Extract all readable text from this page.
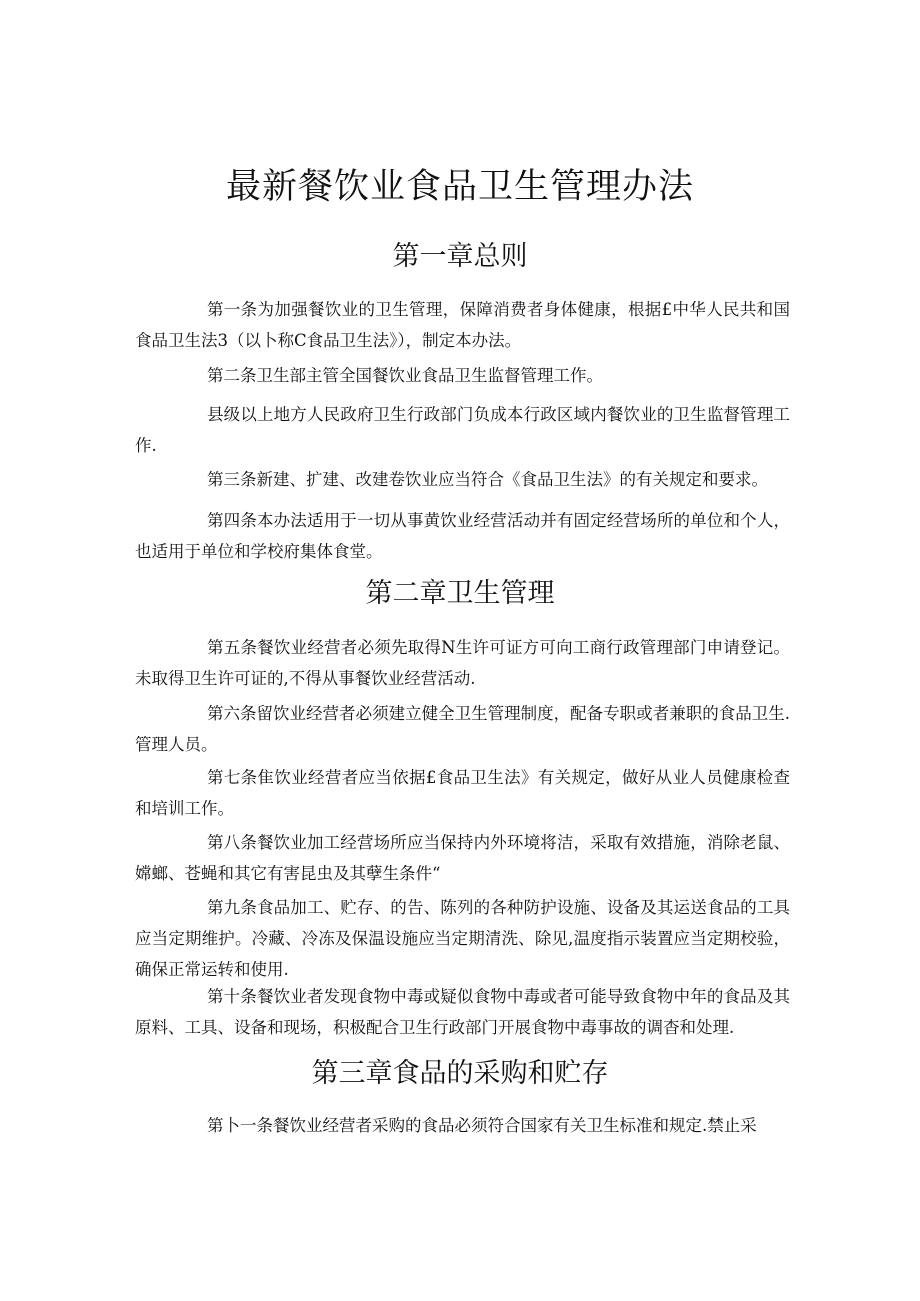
最新餐饮业食品卫生管理办法
第一章总则

第一条为加强餐饮业的卫生管理，保障消费者身体健康，根据£中华人民共和国食品卫生法3（以卜称C食品卫生法》），制定本办法。

第二条卫生部主管全国餐饮业食品卫生监督管理工作。

县级以上地方人民政府卫生行政部门负成本行政区域内餐饮业的卫生监督管理工作.

第三条新建、扩建、改建卷饮业应当符合《食品卫生法》的有关规定和要求。

第四条本办法适用于一切从事黄饮业经营活动并有固定经营场所的单位和个人，也适用于单位和学校府集体食堂。

第二章卫生管理

第五条餐饮业经营者必须先取得N生许可证方可向工商行政管理部门申请登记。未取得卫生许可证的,不得从事餐饮业经营活动.

第六条留饮业经营者必须建立健全卫生管理制度，配备专职或者兼职的食品卫生. 管理人员。

第七条隹饮业经营者应当依据£食品卫生法》有关规定，做好从业人员健康检查和培训工作。

第八条餐饮业加工经营场所应当保持内外环境将洁，采取有效措施，消除老鼠、嫦螂、苍蝇和其它有害昆虫及其孽生条件“

第九条食品加工、贮存、的告、陈列的各种防护设施、设备及其运送食品的工具应当定期维护。冷藏、冷冻及保温设施应当定期清洗、除见,温度指示装置应当定期校验，确保正常运转和使用.

第十条餐饮业者发现食物中毒或疑似食物中毒或者可能导致食物中年的食品及其原料、工具、设备和现场，积极配合卫生行政部门开展食物中毒事故的调杳和处理.

第三章食品的采购和贮存

第卜一条餐饮业经营者采购的食品必须符合国家有关卫生标准和规定.禁止采
